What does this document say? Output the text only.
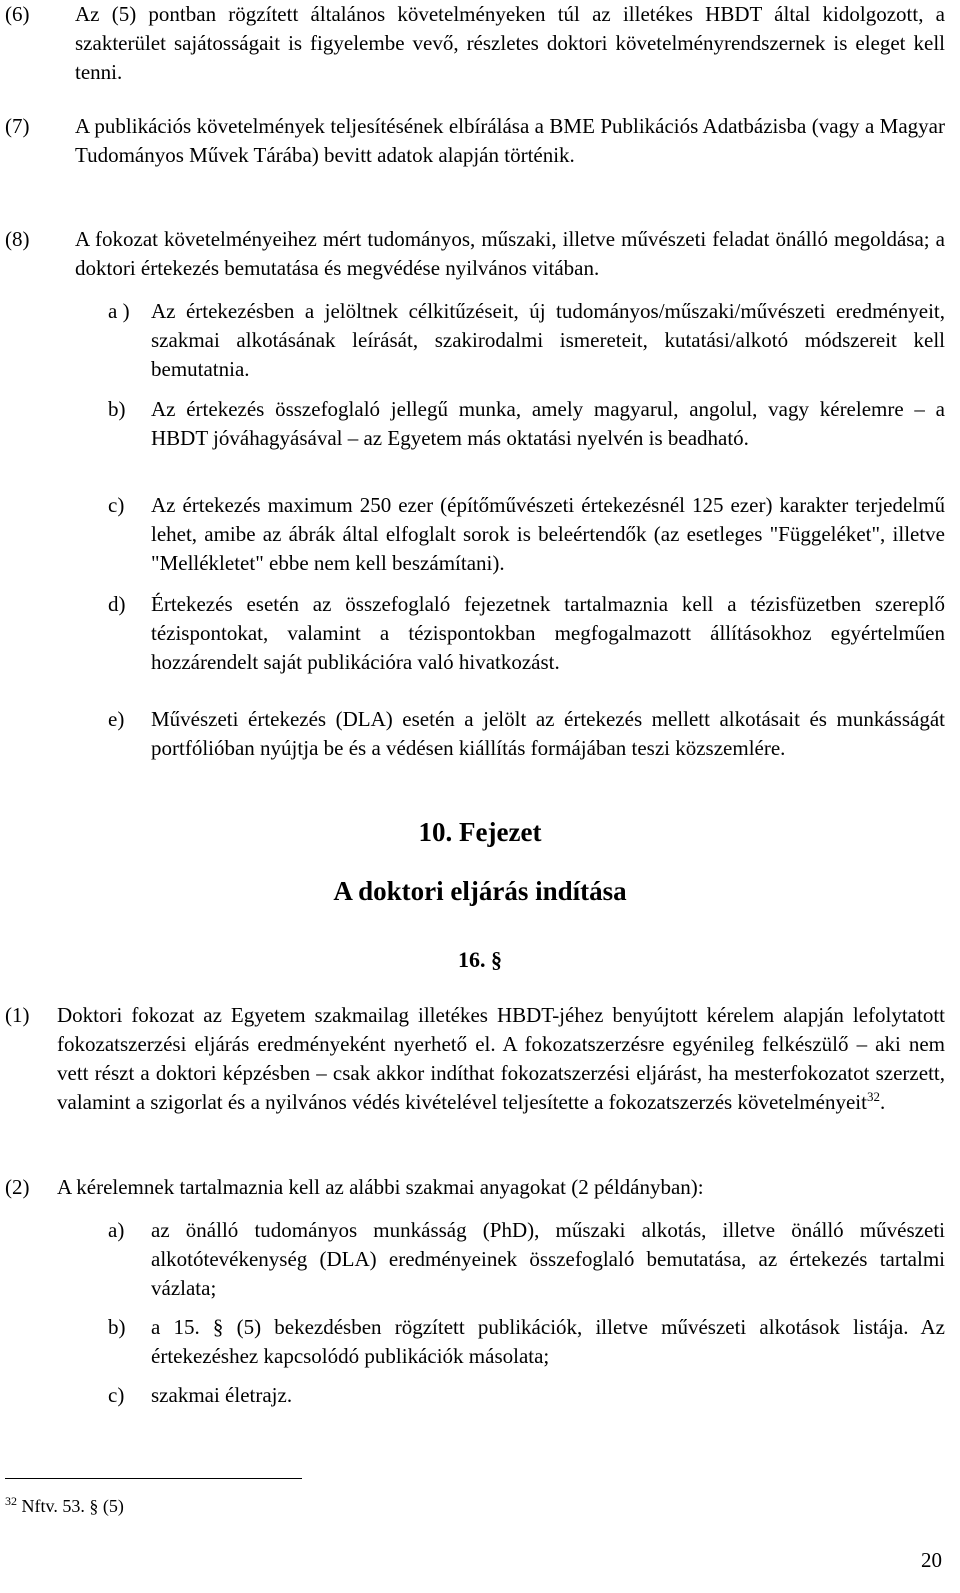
(6)	Az (5) pontban rögzített általános követelményeken túl az illetékes HBDT által kidolgozott, a szakterület sajátosságait is figyelembe vevő, részletes doktori követelményrendszernek is eleget kell tenni.
(7)	A publikációs követelmények teljesítésének elbírálása a BME Publikációs Adatbázisba (vagy a Magyar Tudományos Művek Tárába) bevitt adatok alapján történik.
(8)	A fokozat követelményeihez mért tudományos, műszaki, illetve művészeti feladat önálló megoldása; a doktori értekezés bemutatása és megvédése nyilvános vitában.
a )	Az értekezésben a jelöltnek célkitűzéseit, új tudományos/műszaki/művészeti eredményeit, szakmai alkotásának leírását, szakirodalmi ismereteit, kutatási/alkotó módszereit kell bemutatnia.
b)	Az értekezés összefoglaló jellegű munka, amely magyarul, angolul, vagy kérelemre – a HBDT jóváhagyásával – az Egyetem más oktatási nyelvén is beadható.
c)	Az értekezés maximum 250 ezer (építőművészeti értekezésnél 125 ezer) karakter terjedelmű lehet, amibe az ábrák által elfoglalt sorok is beleértendők (az esetleges "Függeléket", illetve "Mellékletet" ebbe nem kell beszámítani).
d)	Értekezés esetén az összefoglaló fejezetnek tartalmaznia kell a tézisfüzetben szereplő tézispontokat, valamint a tézispontokban megfogalmazott állításokhoz egyértelműen hozzárendelt saját publikációra való hivatkozást.
e)	Művészeti értekezés (DLA) esetén a jelölt az értekezés mellett alkotásait és munkásságát portfólióban nyújtja be és a védésen kiállítás formájában teszi közszemlére.
10. Fejezet
A doktori eljárás indítása
16. §
(1)	Doktori fokozat az Egyetem szakmailag illetékes HBDT-jéhez benyújtott kérelem alapján lefolytatott fokozatszerzési eljárás eredményeként nyerhető el. A fokozatszerzésre egyénileg felkészülő – aki nem vett részt a doktori képzésben – csak akkor indíthat fokozatszerzési eljárást, ha mesterfokozatot szerzett, valamint a szigorlat és a nyilvános védés kivételével teljesítette a fokozatszerzés követelményeit$^{32}$.
(2)	A kérelemnek tartalmaznia kell az alábbi szakmai anyagokat (2 példányban):
a)	az önálló tudományos munkásság (PhD), műszaki alkotás, illetve önálló művészeti alkotótevékenység (DLA) eredményeinek összefoglaló bemutatása, az értekezés tartalmi vázlata;
b)	a 15. § (5) bekezdésben rögzített publikációk, illetve művészeti alkotások listája. Az értekezéshez kapcsolódó publikációk másolata;
c)	szakmai életrajz.
$^{32}$ Nftv. 53. § (5)
20
